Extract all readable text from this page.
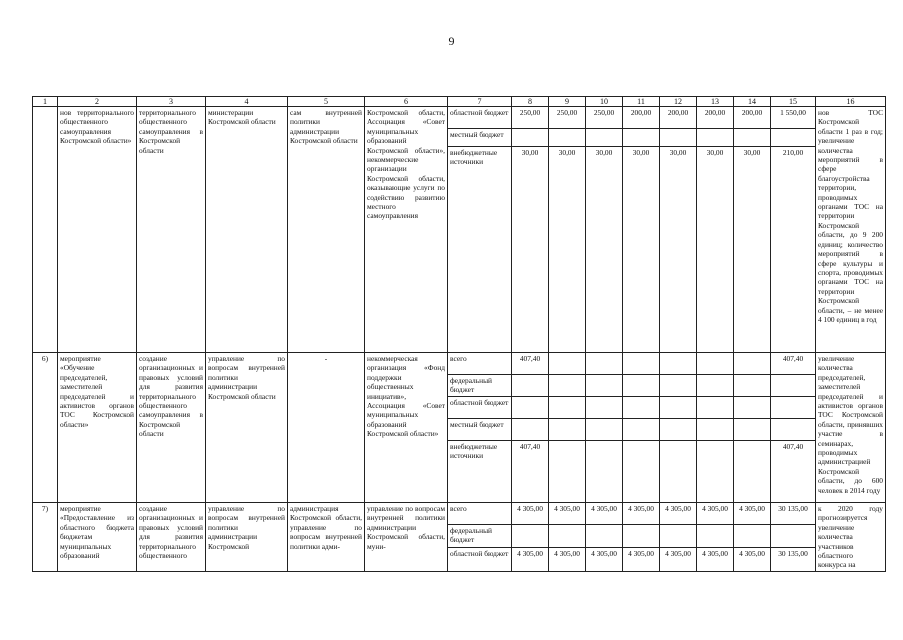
9
1	2	3	4	5	6	7	8	9	10	11	12	13	14	15	16
	нов территориального общественного самоуправления Костромской области»	территориального общественного самоуправления в Костромской области	министерации Костромской области	сам внутренней политики администрации Костромской области	Костромской области, Ассоциация «Совет муниципальных образований Костромской области», некоммерческие организации Костромской области, оказывающие услуги по содействию развитию местного самоуправления	областной бюджет	250,00	250,00	250,00	200,00	200,00	200,00	200,00	1 550,00	нов ТОС Костромской области 1 раз в год; увеличение количества мероприятий в сфере благоустройства территории, проводимых органами ТОС на территории Костромской области, до 9 200 единиц; количество мероприятий в сфере культуры и спорта, проводимых органами ТОС на территории Костромской области, – не менее 4 100 единиц в год
						местный бюджет									
						внебюджетные источники	30,00	30,00	30,00	30,00	30,00	30,00	30,00	210,00	
6)	мероприятие «Обучение председателей, заместителей председателей и активистов органов ТОС Костромской области»	создание организационных и правовых условий для развития территориального общественного самоуправления в Костромской области	управление по вопросам внутренней политики администрации Костромской области	-	некоммерческая организация «Фонд поддержки общественных инициатив», Ассоциация «Совет муниципальных образований Костромской области»	всего	407,40							407,40	увеличение количества председателей, заместителей председателей и активистов органов ТОС Костромской области, принявших участие в семинарах, проводимых администрацией Костромской области, до 600 человек в 2014 году
						федеральный бюджет									
						областной бюджет									
						местный бюджет									
						внебюджетные источники	407,40							407,40	
7)	мероприятие «Предоставление из областного бюджета бюджетам муниципальных образований	создание организационных и правовых условий для развития территориального общественного	управление по вопросам внутренней политики администрации Костромской	администрация Костромской области, управление по вопросам внутренней политики адми-	управление по вопросам внутренней политики администрации Костромской области, муни-	всего	4 305,00	4 305,00	4 305,00	4 305,00	4 305,00	4 305,00	4 305,00	30 135,00	к 2020 году прогнозируется увеличение количества участников областного конкурса на
						федеральный бюджет									
						областной бюджет	4 305,00	4 305,00	4 305,00	4 305,00	4 305,00	4 305,00	4 305,00	30 135,00	
